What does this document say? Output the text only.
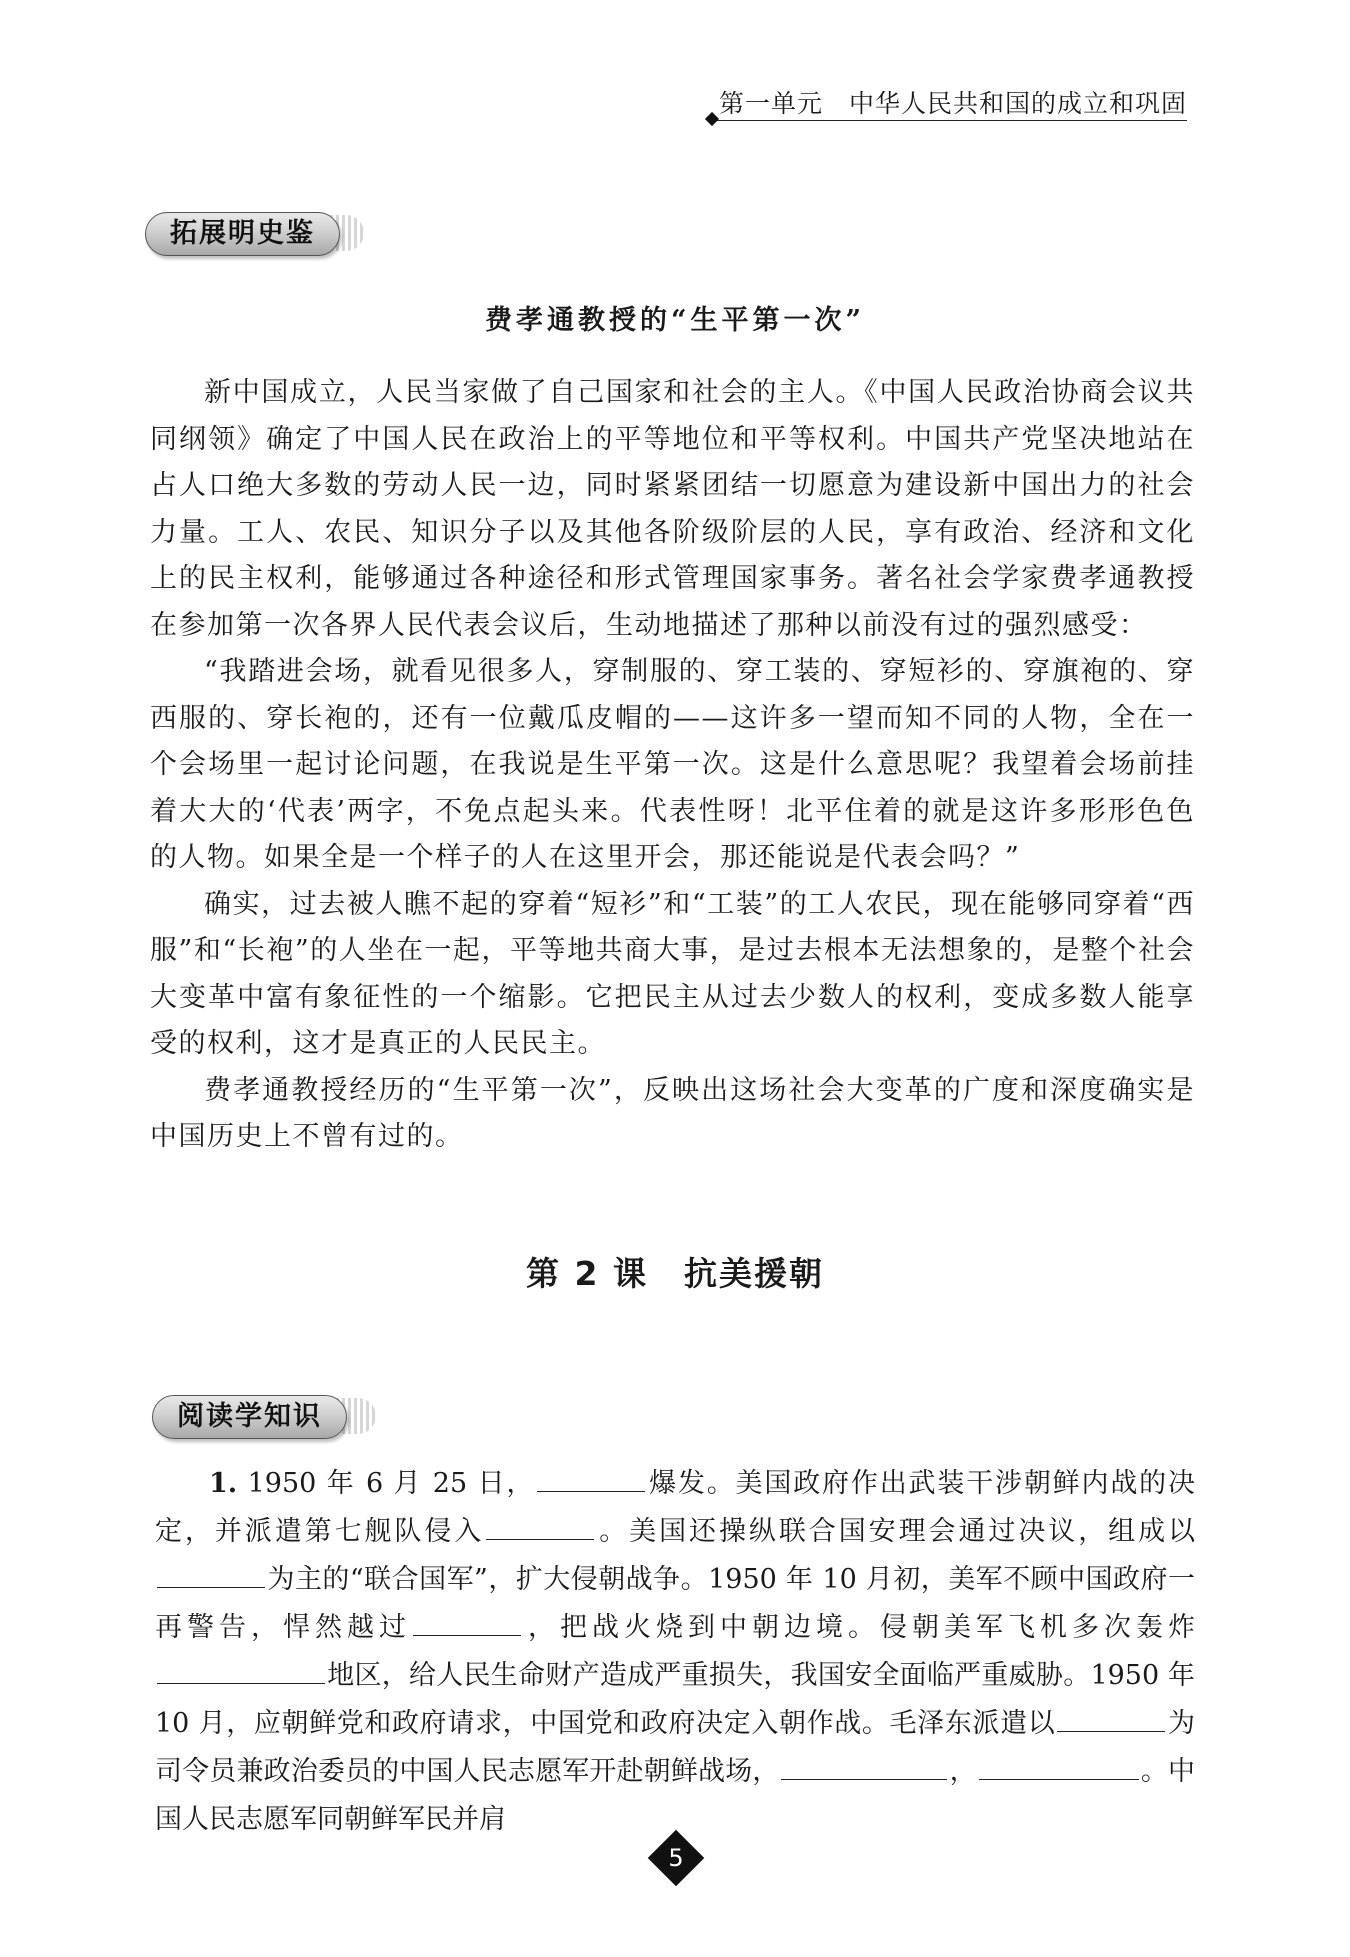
第一单元　中华人民共和国的成立和巩固
拓展明史鉴
费孝通教授的“生平第一次”

新中国成立，人民当家做了自己国家和社会的主人。《中国人民政治协商会议共同纲领》确定了中国人民在政治上的平等地位和平等权利。中国共产党坚决地站在占人口绝大多数的劳动人民一边，同时紧紧团结一切愿意为建设新中国出力的社会力量。工人、农民、知识分子以及其他各阶级阶层的人民，享有政治、经济和文化上的民主权利，能够通过各种途径和形式管理国家事务。著名社会学家费孝通教授在参加第一次各界人民代表会议后，生动地描述了那种以前没有过的强烈感受：

“我踏进会场，就看见很多人，穿制服的、穿工装的、穿短衫的、穿旗袍的、穿西服的、穿长袍的，还有一位戴瓜皮帽的——这许多一望而知不同的人物，全在一个会场里一起讨论问题，在我说是生平第一次。这是什么意思呢？我望着会场前挂着大大的‘代表’两字，不免点起头来。代表性呀！北平住着的就是这许多形形色色的人物。如果全是一个样子的人在这里开会，那还能说是代表会吗？”

确实，过去被人瞧不起的穿着“短衫”和“工装”的工人农民，现在能够同穿着“西服”和“长袍”的人坐在一起，平等地共商大事，是过去根本无法想象的，是整个社会大变革中富有象征性的一个缩影。它把民主从过去少数人的权利，变成多数人能享受的权利，这才是真正的人民民主。

费孝通教授经历的“生平第一次”，反映出这场社会大变革的广度和深度确实是中国历史上不曾有过的。

第 2 课 抗美援朝
阅读学知识

1. 1950 年 6 月 25 日，	爆发。美国政府作出武装干涉朝鲜内战的决定，并派遣第七舰队侵入	。美国还操纵联合国安理会通过决议，组成以为主的“联合国军”，扩大侵朝战争。1950 年 10 月初，美军不顾中国政府一再警告，悍然越过	，把战火烧到中朝边境。侵朝美军飞机多次轰炸地区，给人民生命财产造成严重损失，我国安全面临严重威胁。1950 年 10 月，应朝鲜党和政府请求，中国党和政府决定入朝作战。毛泽东派遣以	为司令员兼政治委员的中国人民志愿军开赴朝鲜战场，	，	。中国人民志愿军同朝鲜军民并肩

5
